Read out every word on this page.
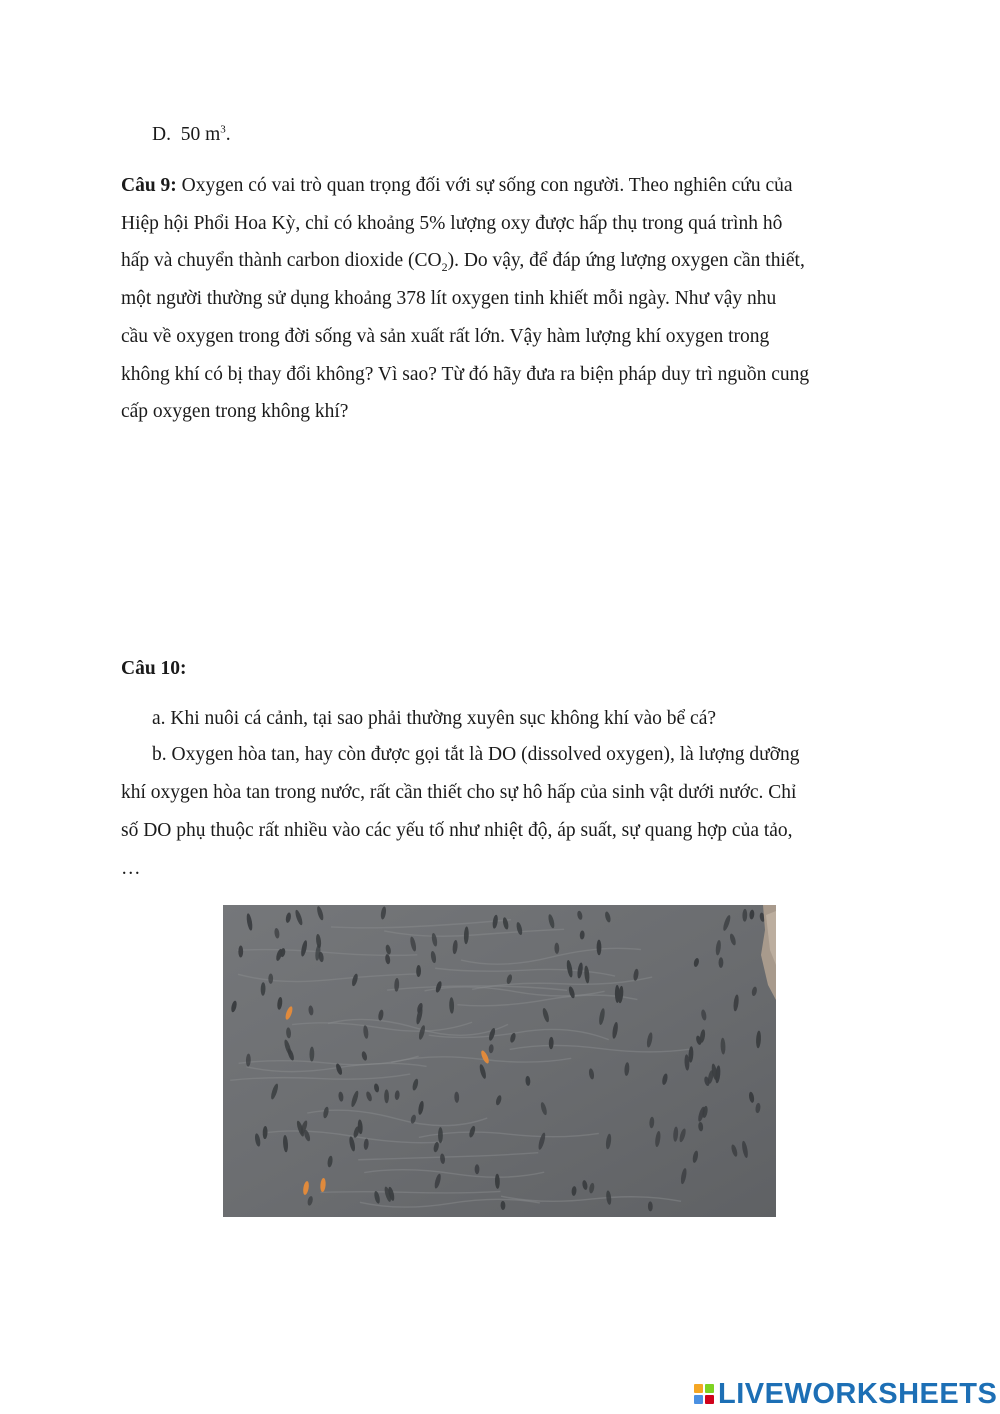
D. 50 $m^3$.
Câu 9: Oxygen có vai trò quan trọng đối với sự sống con người. Theo nghiên cứu của
Hiệp hội Phổi Hoa Kỳ, chỉ có khoảng 5% lượng oxy được hấp thụ trong quá trình hô
hấp và chuyển thành carbon dioxide $(CO_2)$. Do vậy, để đáp ứng lượng oxygen cần thiết,
một người thường sử dụng khoảng 378 lít oxygen tinh khiết mỗi ngày. Như vậy nhu
cầu về oxygen trong đời sống và sản xuất rất lớn. Vậy hàm lượng khí oxygen trong
không khí có bị thay đổi không? Vì sao? Từ đó hãy đưa ra biện pháp duy trì nguồn cung
cấp oxygen trong không khí?
Câu 10:
a. Khi nuôi cá cảnh, tại sao phải thường xuyên sục không khí vào bể cá?
b. Oxygen hòa tan, hay còn được gọi tắt là DO (dissolved oxygen), là lượng dưỡng
khí oxygen hòa tan trong nước, rất cần thiết cho sự hô hấp của sinh vật dưới nước. Chỉ
số DO phụ thuộc rất nhiều vào các yếu tố như nhiệt độ, áp suất, sự quang hợp của tảo,
…
LIVEWORKSHEETS
